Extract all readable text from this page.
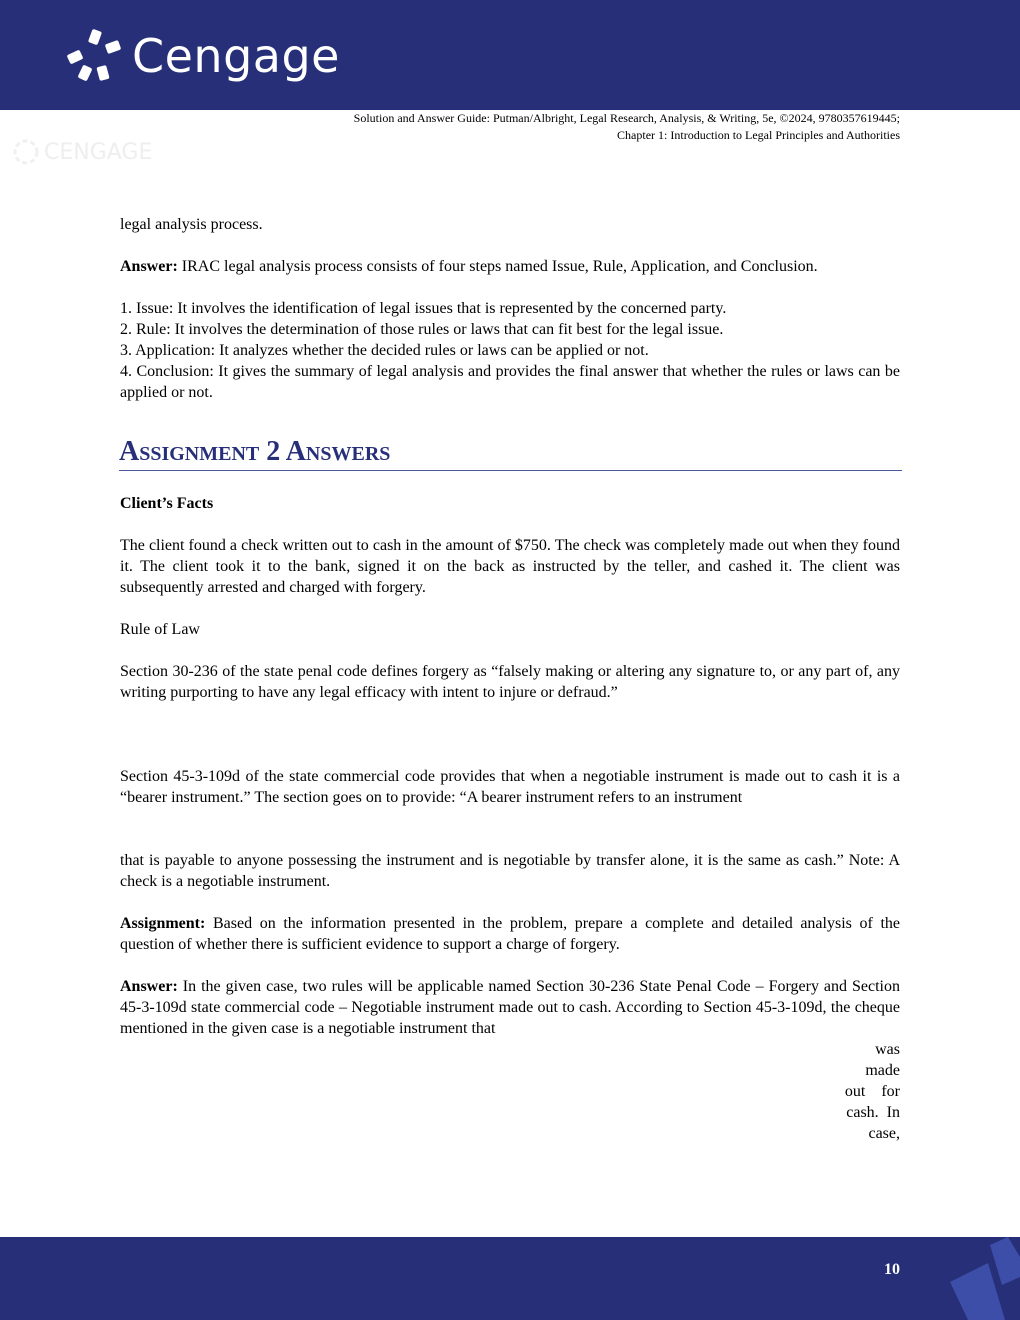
Cengage
Solution and Answer Guide: Putman/Albright, Legal Research, Analysis, & Writing, 5e, ©2024, 9780357619445;
Chapter 1: Introduction to Legal Principles and Authorities
CENGAGE

legal analysis process.

Answer: IRAC legal analysis process consists of four steps named Issue, Rule, Application, and Conclusion.

1. Issue: It involves the identification of legal issues that is represented by the concerned party.

2. Rule: It involves the determination of those rules or laws that can fit best for the legal issue.

3. Application: It analyzes whether the decided rules or laws can be applied or not.

4. Conclusion: It gives the summary of legal analysis and provides the final answer that whether the rules or laws can be applied or not.

Assignment 2 Answers

Client’s Facts

The client found a check written out to cash in the amount of $750. The check was completely made out when they found it. The client took it to the bank, signed it on the back as instructed by the teller, and cashed it. The client was subsequently arrested and charged with forgery.

Rule of Law

Section 30-236 of the state penal code defines forgery as “falsely making or altering any signature to, or any part of, any writing purporting to have any legal efficacy with intent to injure or defraud.”

Section 45-3-109d of the state commercial code provides that when a negotiable instrument is made out to cash it is a “bearer instrument.” The section goes on to provide: “A bearer instrument refers to an instrument

that is payable to anyone possessing the instrument and is negotiable by transfer alone, it is the same as cash.” Note: A check is a negotiable instrument.

Assignment: Based on the information presented in the problem, prepare a complete and detailed analysis of the question of whether there is sufficient evidence to support a charge of forgery.

Answer: In the given case, two rules will be applicable named Section 30-236 State Penal Code – Forgery and Section 45-3-109d state commercial code – Negotiable instrument made out to cash. According to Section 45-3-109d, the cheque mentioned in the given case is a negotiable instrument that

was
made
out    for
cash.  In
case,
10
